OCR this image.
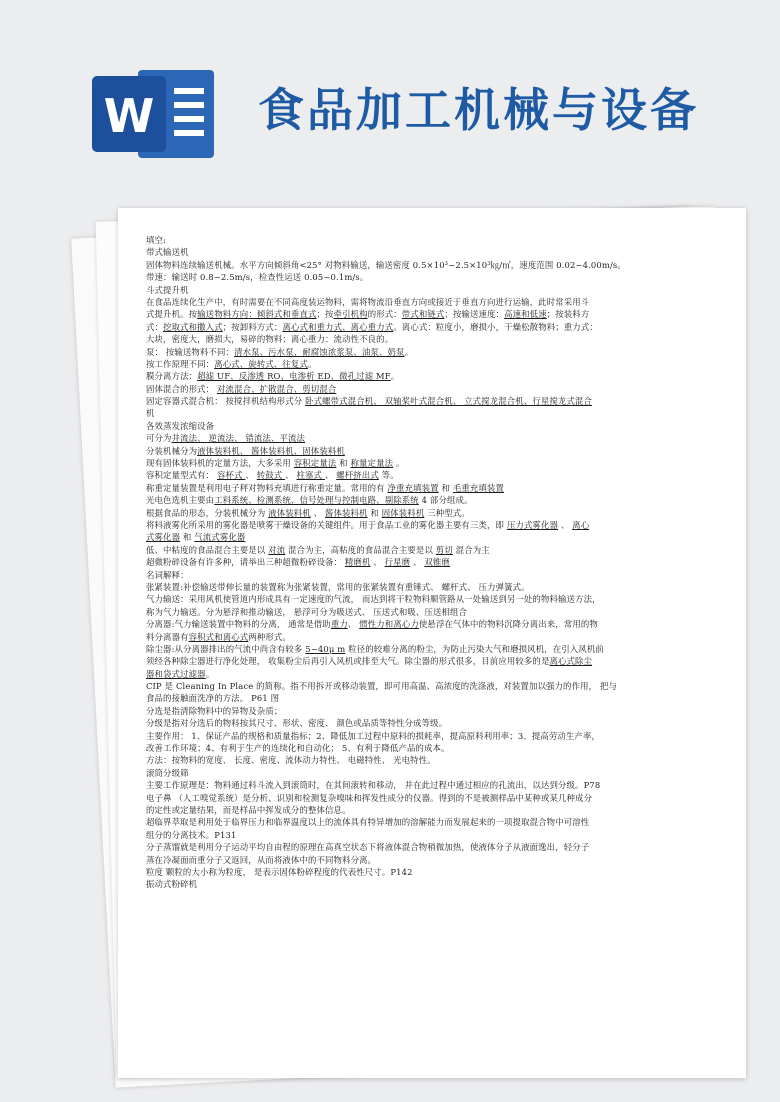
W 食品加工机械与设备
填空:
带式输送机
固体物料连续输送机械。水平方向倾斜角<25° 对物料输送，输送密度 0.5×10³~2.5×10³㎏/㎡，速度范围 0.02~4.00m/s。
带速：输送时 0.8~2.5m/s，检查性运送 0.05~0.1m/s。
斗式提升机
在食品连续化生产中，有时需要在不同高度装运物料，需将物流沿垂直方向或接近于垂直方向进行运输，此时常采用斗
式提升机。按输送物料方向：倾斜式和垂直式；按牵引机构的形式：带式和链式；按输送速度：高速和低速；按装料方
式：挖取式和撒入式；按卸料方式：离心式和重力式、离心重力式。离心式：粒度小，磨损小，干燥松散物料；重力式：
大块，密度大，磨损大，易碎的物料；离心重力：流动性不良的。
泵： 按输送物料不同：清水泵、污水泵、耐腐蚀浓浆泵、油泵、奶泵。
按工作原理不同：离心式、旋转式、往复式。
膜分离方法：超滤 UF、反渗透 RO、电渗析 ED、微孔过滤 MF。
固体混合的形式： 对流混合、扩散混合、剪切混合
固定容器式混合机： 按搅拌机结构形式分 卧式螺带式混合机、 双轴桨叶式混合机、 立式搅龙混合机、行星搅龙式混合
机
各效蒸发浓缩设备
可分为并流法、 逆流法、 错流法、平流法
分装机械分为液体装料机、 酱体装料机、固体装料机
现有固体装料机的定量方法，大多采用 容积定量法 和 称量定量法 。
容积定量型式有： 容杯式 、 转鼓式 、 柱塞式 、 螺杆挤出式 等。
称重定量装置是利用电子秤对物料充填进行称重定量。常用的有 净重充填装置 和 毛重充填装置
光电色选机主要由工料系统、检测系统、信号处理与控制电路、剔除系统 4 部分组成。
根据食品的形态，分装机械分为 液体装料机 、 酱体装料机 和 固体装料机 三种型式。
将料液雾化所采用的雾化器是喷雾干燥设备的关键组件。用于食品工业的雾化器主要有三类，即 压力式雾化器 、 离心
式雾化器 和 气流式雾化器
低、中粘度的食品混合主要是以 对流 混合为主，高粘度的食品混合主要是以 剪切 混合为主
超微粉碎设备有许多种，请举出三种超微粉碎设备： 精磨机 、 行星磨 、 双锥磨
名词解释：
张紧装置:补偿输送带伸长量的装置称为张紧装置，常用的张紧装置有重锤式、 螺杆式、 压力弹簧式。
气力输送：采用风机使管道内形成具有一定速度的气流， 而达到将干粒物料顺管路从一处输送到另一处的物料输送方法，
称为气力输送。分为悬浮和推动输送， 悬浮可分为吸送式、 压送式和吸、压送相组合
分离器:气力输送装置中物料的分离， 通常是借助重力、 惯性力和离心力使悬浮在气体中的物料沉降分离出来，常用的物
料分离器有容积式和离心式两种形式。
除尘器:从分离器排出的气流中尚含有较多 5~40μ m 粒径的较难分离的粉尘，为防止污染大气和磨损风机，在引入风机前
须经各种除尘器进行净化处理， 收集粉尘后再引入风机或排至大气。除尘器的形式很多，目前应用较多的是离心式除尘
器和袋式过滤器。
CIP 是 Cleaning In Place 的简称。指不用拆开或移动装置，即可用高温、高浓度的洗涤液，对装置加以强力的作用， 把与
食品的接触面洗净的方法。 P61 图
分选是指清除物料中的异物及杂质；
分级是指对分选后的物料按其尺寸、形状、密度、 颜色或品质等特性分成等级。
主要作用： 1、保证产品的规格和质量指标；2、降低加工过程中原料的损耗率，提高原料利用率；3、提高劳动生产率，
改善工作环境；4、有利于生产的连续化和自动化； 5、有利于降低产品的成本。
方法：按物料的宽度、 长度、密度、流体动力特性、 电磁特性、 光电特性。
滚筒分级筛
主要工作原理是：物料通过料斗流入到滚筒时，在其间滚转和移动， 并在此过程中通过相应的孔流出，以达到分级。P78
电子鼻 （人工嗅觉系统）是分析、识别和检测复杂嗅味和挥发性成分的仪器。得到的不是被测样品中某种或某几种成分
的定性或定量结果，而是样品中挥发成分的整体信息。
超临界萃取是利用处于临界压力和临界温度以上的流体具有特异增加的溶解能力而发展起来的一项提取混合物中可溶性
组分的分离技术。P131
分子蒸馏就是利用分子运动平均自由程的原理在高真空状态下将液体混合物稍微加热，使液体分子从液面逸出，轻分子
蒸在冷凝面而重分子又返回，从而将液体中的不同物料分离。
粒度 颗粒的大小称为粒度， 是表示固体粉碎程度的代表性尺寸。P142
振动式粉碎机
